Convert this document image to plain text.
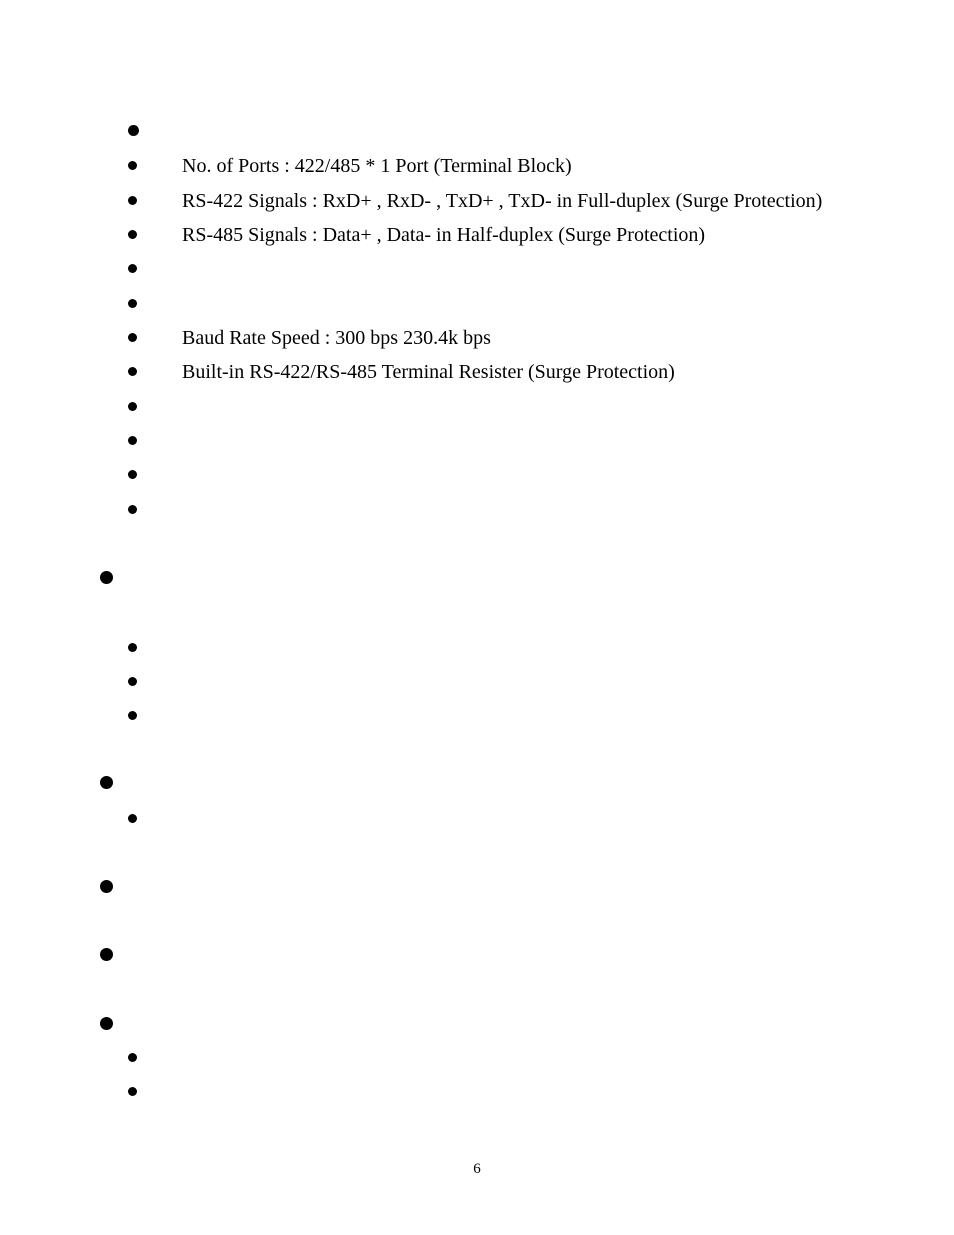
No. of Ports : 422/485 * 1 Port (Terminal Block)
RS-422 Signals : RxD+ , RxD- , TxD+ , TxD- in Full-duplex (Surge Protection)
RS-485 Signals : Data+ , Data- in Half-duplex (Surge Protection)
Baud Rate Speed : 300 bps 230.4k bps
Built-in RS-422/RS-485 Terminal Resister (Surge Protection)
6
